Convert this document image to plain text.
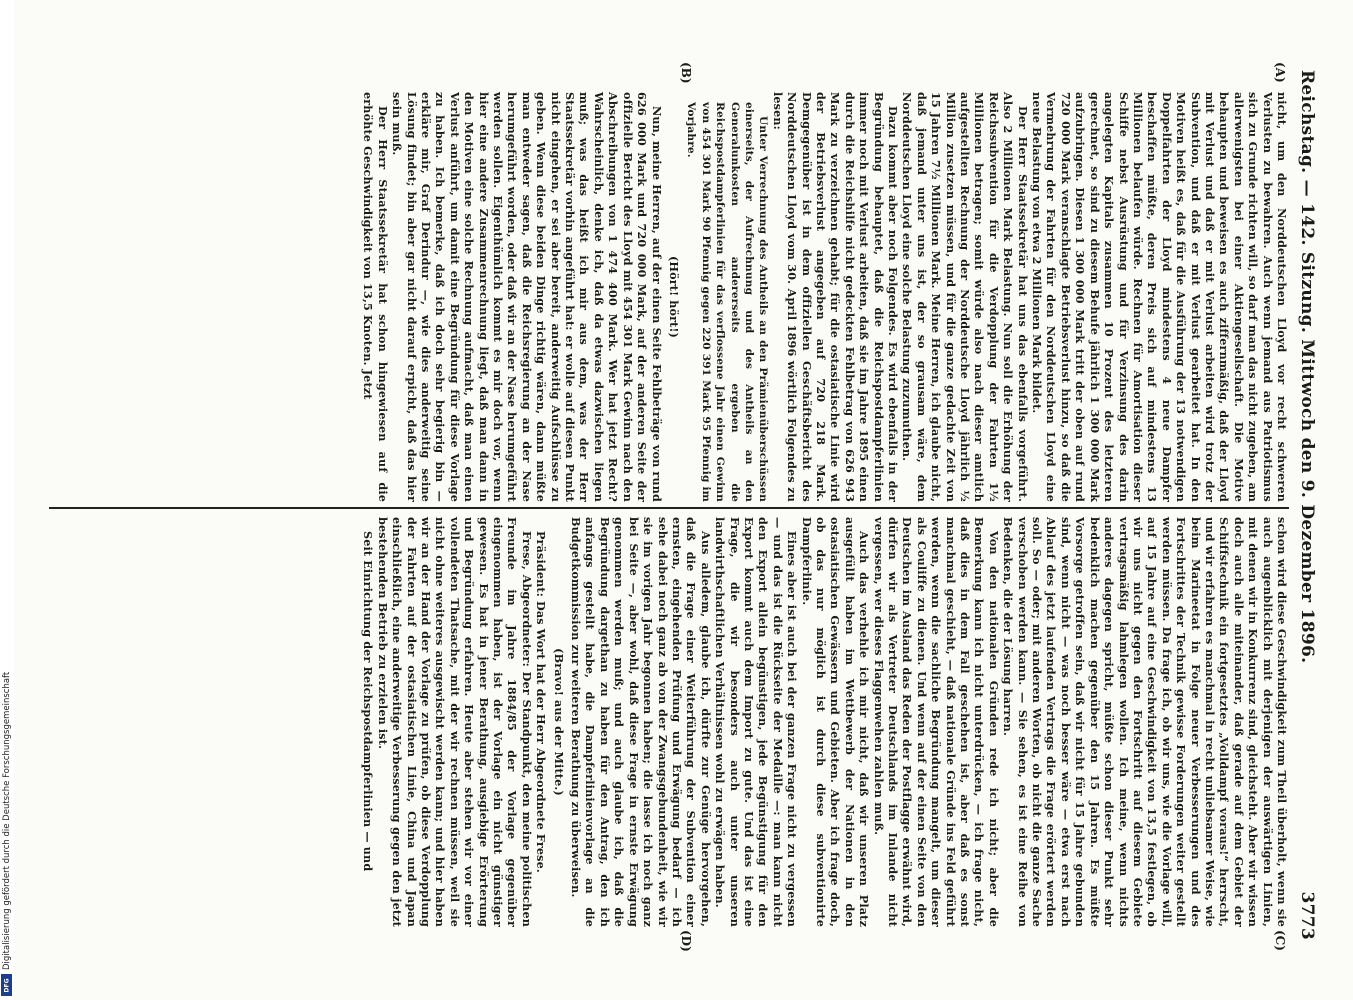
Digitalisierung gefördert durch die Deutsche Forschungsgemeinschaft
DFG
Reichstag. — 142. Sitzung. Mittwoch den 9. Dezember 1896.
3773
(A)
(B)
(C)
(D)

nicht, um den Norddeutschen Lloyd vor recht schweren Verlusten zu bewahren. Auch wenn jemand aus Patriotismus sich zu Grunde richten will, so darf man das nicht zugeben, am allerwenigsten bei einer Aktiengesellschaft. Die Motive behaupten und beweisen es auch ziffernmäßig, daß der Lloyd mit Verlust und daß er mit Verlust arbeiten wird trotz der Subvention, und daß er mit Verlust gearbeitet hat. In den Motiven heißt es, daß für die Ausführung der 13 notwendigen Doppelfahrten der Lloyd mindestens 4 neue Dampfer beschaffen müßte, deren Preis sich auf mindestens 13 Millionen belaufen würde. Rechnen für Amortisation dieser Schiffe nebst Ausrüstung und für Verzinsung des darin angelegten Kapitals zusammen 10 Prozent des letzteren gerechnet, so sind zu diesem Behufe jährlich 1 300 000 Mark aufzubringen. Diesen 1 300 000 Mark tritt der oben auf rund 720 000 Mark veranschlagte Betriebsverlust hinzu, so daß die Vermehrung der Fahrten für den Norddeutschen Lloyd eine neue Belastung von etwa 2 Millionen Mark bildet.

Der Herr Staatssekretär hat uns das ebenfalls vorgeführt. Also 2 Millionen Mark Belastung. Nun soll die Erhöhung der Reichssubvention für die Verdopplung der Fahrten 1½ Millionen betragen; somit würde also nach dieser amtlich aufgestellten Rechnung der Norddeutsche Lloyd jährlich ½ Million zusetzen müssen, und für die ganze gedachte Zeit von 15 Jahren 7½ Millionen Mark. Meine Herren, ich glaube nicht, daß jemand unter uns ist, der so grausam wäre, dem Norddeutschen Lloyd eine solche Belastung zuzumuthen.

Dazu kommt aber noch Folgendes. Es wird ebenfalls in der Begründung behauptet, daß die Reichspostdampferlinien immer noch mit Verlust arbeiten, daß sie im Jahre 1895 einen durch die Reichshilfe nicht gedeckten Fehlbetrag von 626 943 Mark zu verzeichnen gehabt; für die ostasiatische Linie wird der Betriebsverlust angegeben auf 720 218 Mark. Demgegenüber ist in dem offiziellen Geschäftsbericht des Norddeutschen Lloyd vom 30. April 1896 wörtlich Folgendes zu lesen:

Unter Verrechnung des Antheils an den Prämienüberschüssen einerseits, der Aufrechnung und des Antheils an den Generalunkosten andererseits ergeben die Reichspostdampferlinien für das verflossene Jahr einen Gewinn von 454 301 Mark 90 Pfennig gegen 220 391 Mark 95 Pfennig im Vorjahre.

(Hört! hört!)

Nun, meine Herren, auf der einen Seite Fehlbeträge von rund 626 000 Mark und 720 000 Mark, auf der anderen Seite der offizielle Bericht des Lloyd mit 454 301 Mark Gewinn nach den Abschreibungen von 1 474 400 Mark. Wer hat jetzt Recht? Wahrscheinlich, denke ich, daß da etwas dazwischen liegen muß; was das heißt ich mir aus dem, was der Herr Staatssekretär vorhin angeführt hat: er wolle auf diesen Punkt nicht eingehen, er sei aber bereit, anderweitig Aufschlüsse zu geben. Wenn diese beiden Dinge richtig wären, dann müßte man entweder sagen, daß die Reichsregierung an der Nase herumgeführt worden, oder daß wir an der Nase herumgeführt werden sollen. Eigenthümlich kommt es mir doch vor, wenn hier eine andere Zusammenrechnung liegt, daß man dann in den Motiven eine solche Rechnung aufmacht, daß man einen Verlust anführt, um damit eine Begründung für diese Vorlage zu haben. Ich bemerke, daß ich doch sehr begierig bin — erkläre mir, Graf Derindur —, wie dies anderweitig seine Lösung findet; bin aber gar nicht darauf erpicht, daß das hier sein muß.

Der Herr Staatssekretär hat schon hingewiesen auf die erhöhte Geschwindigkeit von 13,5 Knoten. Jetzt

schon wird diese Geschwindigkeit zum Theil überholt, wenn sie auch augenblicklich mit derjenigen der auswärtigen Linien, mit denen wir in Konkurrenz sind, gleichsteht. Aber wir wissen doch auch alle miteinander, daß gerade auf dem Gebiet der Schiffstechnik ein fortgesetztes „Volldampf voraus!“ herrscht, und wir erfahren es manchmal in recht unliebsamer Weise, wie beim Marineetat in Folge neuer Verbesserungen und des Fortschrittes der Technik gewisse Forderungen weiter gestellt werden müssen. Da frage ich, ob wir uns, wie die Vorlage will, auf 15 Jahre auf eine Geschwindigkeit von 13,5 festlegen, ob wir uns nicht gegen den Fortschritt auf diesem Gebiete vertragsmäßig lahmlegen wollen. Ich meine, wenn nichts anderes dagegen spricht, müßte schon dieser Punkt sehr bedenklich machen gegenüber den 15 Jahren. Es müßte Vorsorge getroffen sein, daß wir nicht für 15 Jahre gebunden sind, wenn nicht — was noch besser wäre — etwa erst nach Ablauf des jetzt laufenden Vertrags die Frage erörtert werden soll. So — oder; mit anderen Worten, ob nicht die ganze Sache verschoben werden kann. — Sie sehen, es ist eine Reihe von Bedenken, die der Lösung harren.

Von den nationalen Gründen rede ich nicht; aber die Bemerkung kann ich nicht unterdrücken, — ich frage nicht, daß dies in dem Fall geschehen ist, aber daß es sonst manchmal geschieht, — daß nationale Gründe ins Feld geführt werden, wenn die sachliche Begründung mangelt, um dieser als Couliffe zu dienen. Und wenn auf der einen Seite von den Deutschen im Ausland das Reden der Postflagge erwähnt wird, dürfen wir als Vertreter Deutschlands im Inlande nicht vergessen, wer dieses Flaggenwehen zahlen muß.

Auch das verhehle ich mir nicht, daß wir unseren Platz ausgefüllt haben im Wettbewerb der Nationen in den ostasiatischen Gewässern und Gebieten. Aber ich frage doch, ob das nur möglich ist durch diese subventionirte Dampferlinie.

Eines aber ist auch bei der ganzen Frage nicht zu vergessen — und das ist die Rückseite der Medaille —: man kann nicht den Export allein begünstigen, jede Begünstigung für den Export kommt auch dem Import zu gute. Und das ist eine Frage, die wir besonders auch unter unseren landwirthschaftlichen Verhältnissen wohl zu erwägen haben.

Aus alledem, glaube ich, dürfte zur Genüge hervorgehen, daß die Frage einer Weiterführung der Subvention einer ernsten, eingehenden Prüfung und Erwägung bedarf — ich sehe dabei noch ganz ab von der Zwangsgebundenheit, wie wir sie im vorigen Jahr begonnen haben; die lasse ich noch ganz bei Seite —, aber wohl, daß diese Frage in ernste Erwägung genommen werden muß; und auch glaube ich, daß die Begründung dargethan zu haben für den Antrag, den ich anfangs gestellt habe, die Dampferlinienvorlage an die Budgetkommission zur weiteren Berathung zu überweisen.

(Bravo! aus der Mitte.)

Präsident: Das Wort hat der Herr Abgeordnete Frese.

Frese, Abgeordneter: Der Standpunkt, den meine politischen Freunde im Jahre 1884/85 der Vorlage gegenüber eingenommen haben, ist der Vorlage ein nicht günstiger gewesen. Es hat in jener Berathung, ausgiebige Erörterung und Begründung erfahren. Heute aber stehen wir vor einer vollendeten Thatsache, mit der wir rechnen müssen, weil sie nicht ohne weiteres ausgewischt werden kann; und hier haben wir an der Hand der Vorlage zu prüfen, ob diese Verdopplung der Fahrten auf der ostasiatischen Linie, China und Japan einschließlich, eine anderweitige Verbesserung gegen den jetzt bestehenden Betrieb zu erzielen ist.

Seit Einrichtung der Reichspostdampferlinien — und
